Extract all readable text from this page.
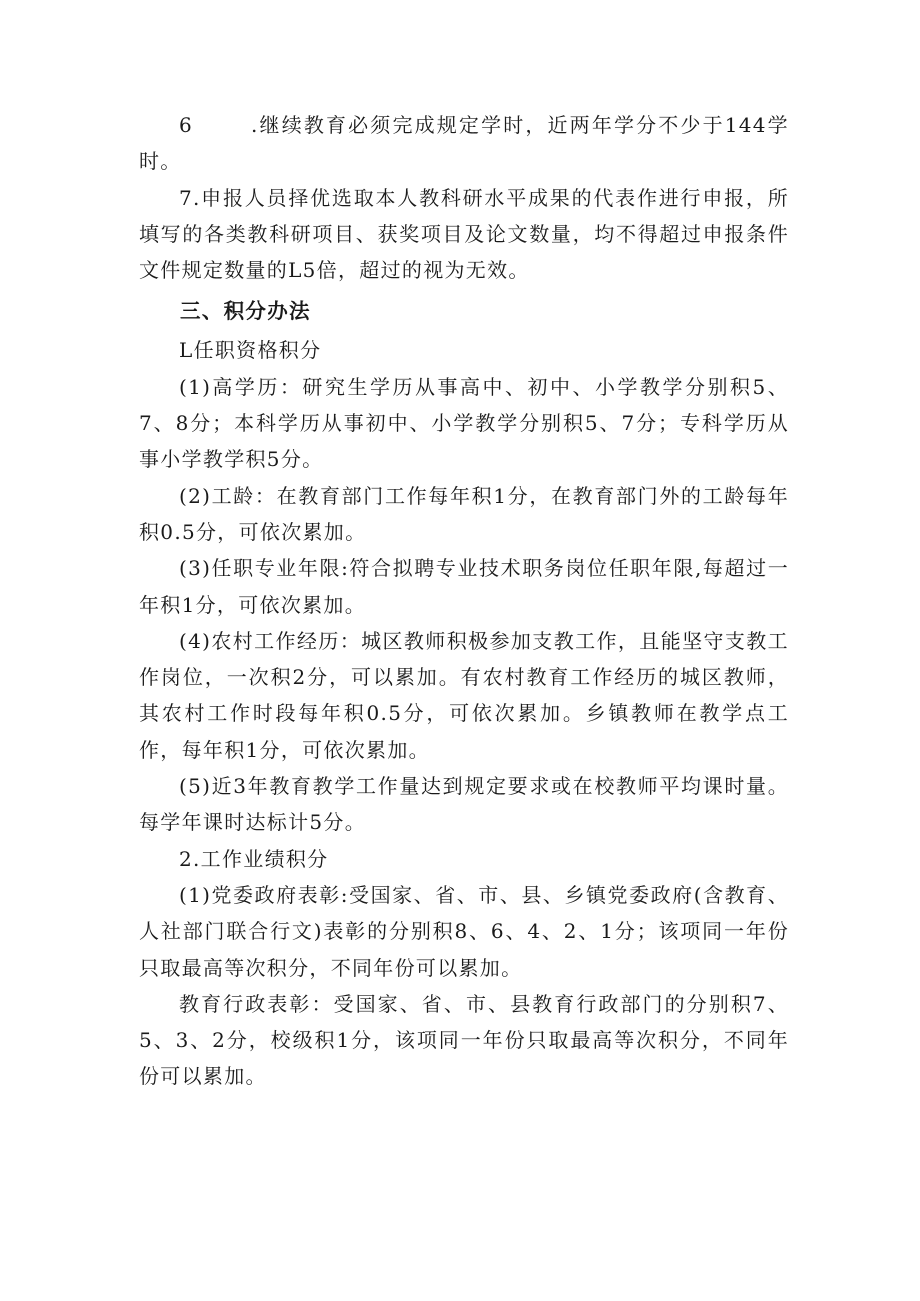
6	.继续教育必须完成规定学时，近两年学分不少于144学时。

7.申报人员择优选取本人教科研水平成果的代表作进行申报，所填写的各类教科研项目、获奖项目及论文数量，均不得超过申报条件文件规定数量的L5倍，超过的视为无效。

三、积分办法

L任职资格积分

(1)高学历：研究生学历从事高中、初中、小学教学分别积5、7、8分；本科学历从事初中、小学教学分别积5、7分；专科学历从事小学教学积5分。

(2)工龄：在教育部门工作每年积1分，在教育部门外的工龄每年积0.5分，可依次累加。

(3)任职专业年限:符合拟聘专业技术职务岗位任职年限,每超过一年积1分，可依次累加。

(4)农村工作经历：城区教师积极参加支教工作，且能坚守支教工作岗位，一次积2分，可以累加。有农村教育工作经历的城区教师，其农村工作时段每年积0.5分，可依次累加。乡镇教师在教学点工作，每年积1分，可依次累加。

(5)近3年教育教学工作量达到规定要求或在校教师平均课时量。每学年课时达标计5分。

2.工作业绩积分

(1)党委政府表彰:受国家、省、市、县、乡镇党委政府(含教育、人社部门联合行文)表彰的分别积8、6、4、2、1分；该项同一年份只取最高等次积分，不同年份可以累加。

教育行政表彰：受国家、省、市、县教育行政部门的分别积7、5、3、2分，校级积1分，该项同一年份只取最高等次积分，不同年份可以累加。
